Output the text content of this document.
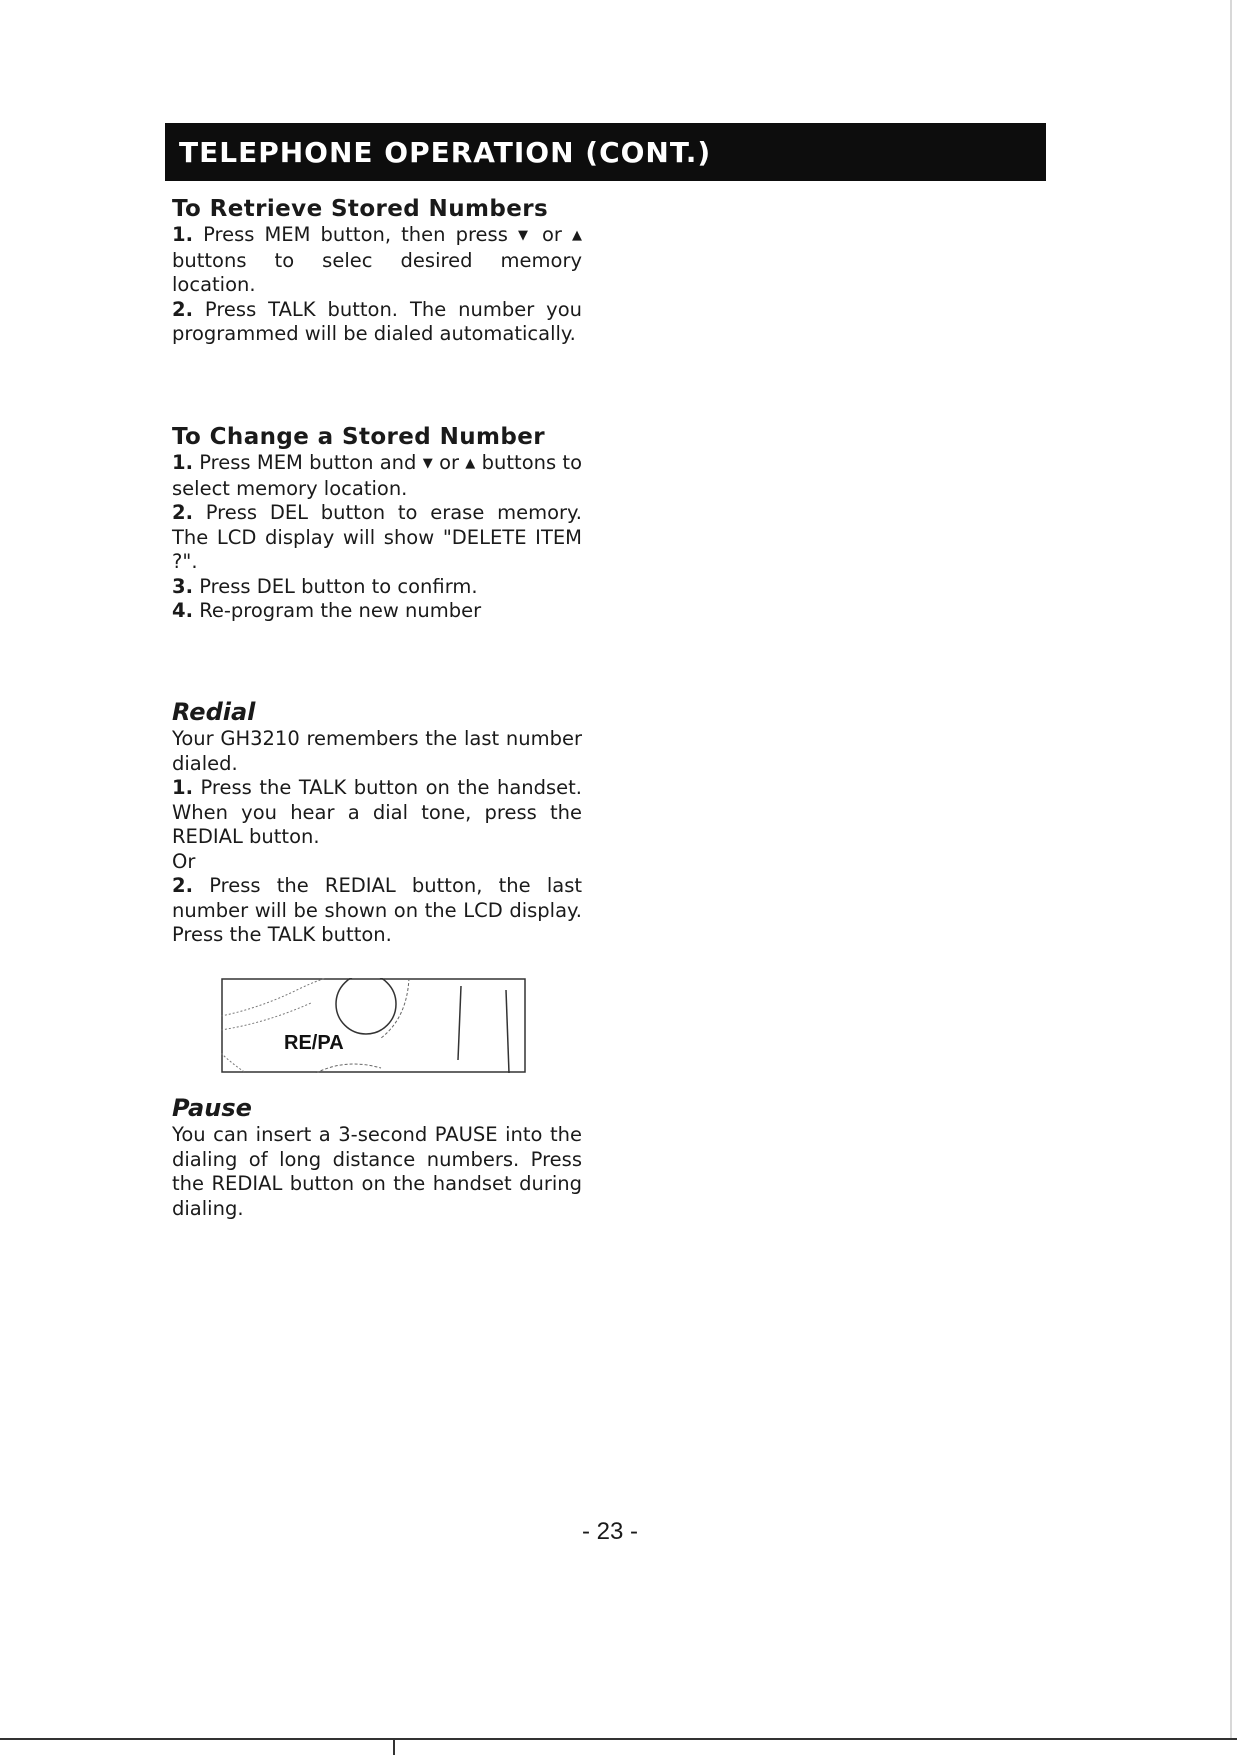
TELEPHONE OPERATION (CONT.)
To Retrieve Stored Numbers

1. Press MEM button, then press ▼ or ▲ buttons to selec desired memory location.

2. Press TALK button. The number you programmed will be dialed automatically.

To Change a Stored Number

1. Press MEM button and ▼ or ▲ buttons to select memory location.

2. Press DEL button to erase memory. The LCD display will show "DELETE ITEM ?".

3. Press DEL button to confirm.

4. Re-program the new number

Redial

Your GH3210 remembers the last number dialed.

1. Press the TALK button on the handset. When you hear a dial tone, press the REDIAL button.

Or

2. Press the REDIAL button, the last number will be shown on the LCD display. Press the TALK button.

RE/PA
Pause

You can insert a 3-second PAUSE into the dialing of long distance numbers. Press the REDIAL button on the handset during dialing.

- 23 -
